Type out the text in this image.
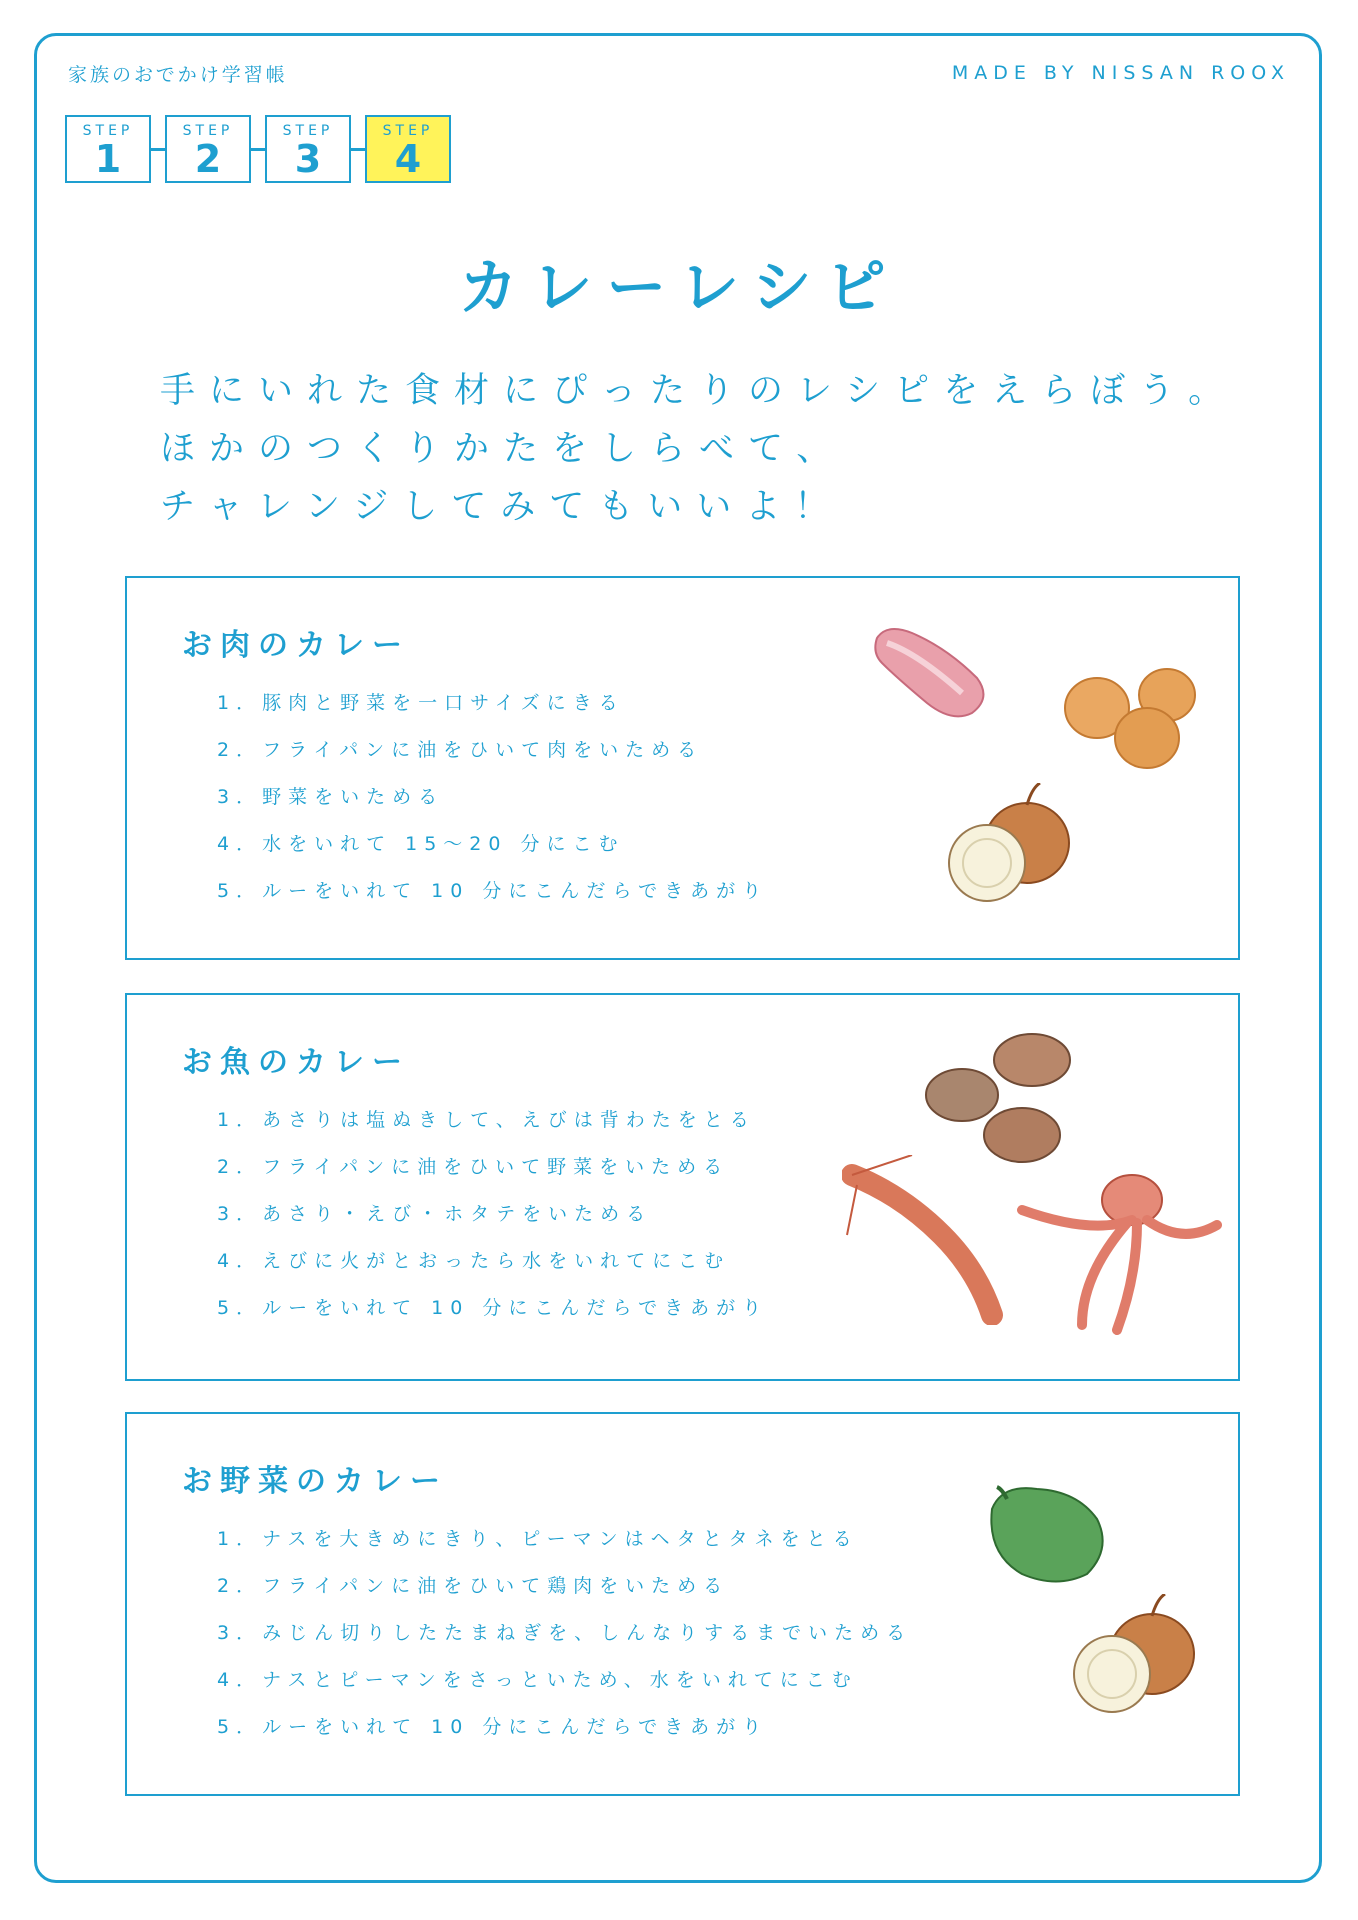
家族のおでかけ学習帳	MADE BY NISSAN ROOX
STEP
1
STEP
2
STEP
3
STEP
4
カレーレシピ
手にいれた食材にぴったりのレシピをえらぼう。
ほかのつくりかたをしらべて、
チャレンジしてみてもいいよ！
お肉のカレー
1．豚肉と野菜を一口サイズにきる
2．フライパンに油をひいて肉をいためる
3．野菜をいためる
4．水をいれて 15～20 分にこむ
5．ルーをいれて 10 分にこんだらできあがり
お魚のカレー
1．あさりは塩ぬきして、えびは背わたをとる
2．フライパンに油をひいて野菜をいためる
3．あさり・えび・ホタテをいためる
4．えびに火がとおったら水をいれてにこむ
5．ルーをいれて 10 分にこんだらできあがり
お野菜のカレー
1．ナスを大きめにきり、ピーマンはヘタとタネをとる
2．フライパンに油をひいて鶏肉をいためる
3．みじん切りしたたまねぎを、しんなりするまでいためる
4．ナスとピーマンをさっといため、水をいれてにこむ
5．ルーをいれて 10 分にこんだらできあがり
